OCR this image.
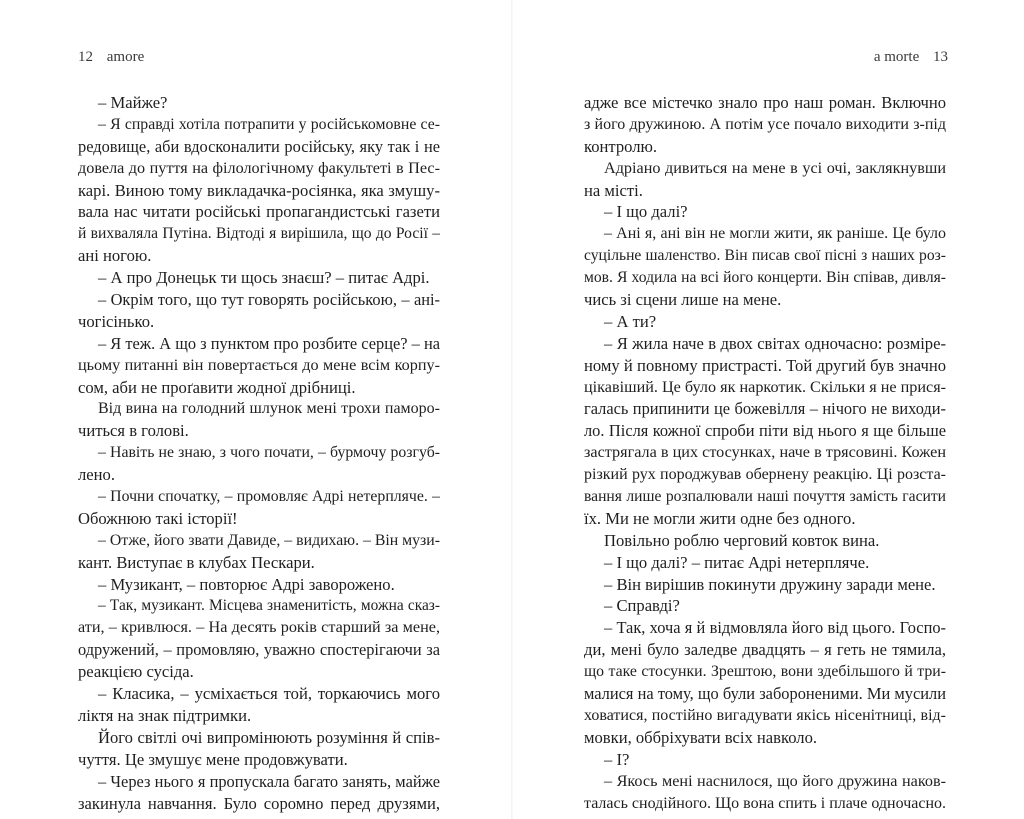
12 amore
– Майже?
– Я справді хотіла потрапити у російськомовне се-
редовище, аби вдосконалити російську, яку так і не
довела до пуття на філологічному факультеті в Пес-
карі. Виною тому викладачка-росіянка, яка змушу-
вала нас читати російські пропагандистські газети
й вихваляла Путіна. Відтоді я вирішила, що до Росії –
ані ногою.
– А про Донецьк ти щось знаєш? – питає Адрі.
– Окрім того, що тут говорять російською, – ані-
чогісінько.
– Я теж. А що з пунктом про розбите серце? – на
цьому питанні він повертається до мене всім корпу-
сом, аби не проґавити жодної дрібниці.
Від вина на голодний шлунок мені трохи паморо-
читься в голові.
– Навіть не знаю, з чого почати, – бурмочу розгуб-
лено.
– Почни спочатку, – промовляє Адрі нетерпляче. –
Обожнюю такі історії!
– Отже, його звати Давиде, – видихаю. – Він музи-
кант. Виступає в клубах Пескари.
– Музикант, – повторює Адрі заворожено.
– Так, музикант. Місцева знаменитість, можна сказ-
ати, – кривлюся. – На десять років старший за мене,
одружений, – промовляю, уважно спостерігаючи за
реакцією сусіда.
– Класика, – усміхається той, торкаючись мого
ліктя на знак підтримки.
Його світлі очі випромінюють розуміння й спів-
чуття. Це змушує мене продовжувати.
– Через нього я пропускала багато занять, майже
закинула навчання. Було соромно перед друзями,
a morte 13
адже все містечко знало про наш роман. Включно
з його дружиною. А потім усе почало виходити з-під
контролю.
Адріано дивиться на мене в усі очі, заклякнувши
на місті.
– І що далі?
– Ані я, ані він не могли жити, як раніше. Це було
суцільне шаленство. Він писав свої пісні з наших роз-
мов. Я ходила на всі його концерти. Він співав, дивля-
чись зі сцени лише на мене.
– А ти?
– Я жила наче в двох світах одночасно: розміре-
ному й повному пристрасті. Той другий був значно
цікавіший. Це було як наркотик. Скільки я не прися-
галась припинити це божевілля – нічого не виходи-
ло. Після кожної спроби піти від нього я ще більше
застрягала в цих стосунках, наче в трясовині. Кожен
різкий рух породжував обернену реакцію. Ці розста-
вання лише розпалювали наші почуття замість гасити
їх. Ми не могли жити одне без одного.
Повільно роблю черговий ковток вина.
– І що далі? – питає Адрі нетерпляче.
– Він вирішив покинути дружину заради мене.
– Справді?
– Так, хоча я й відмовляла його від цього. Госпо-
ди, мені було заледве двадцять – я геть не тямила,
що таке стосунки. Зрештою, вони здебільшого й три-
малися на тому, що були забороненими. Ми мусили
ховатися, постійно вигадувати якісь нісенітниці, від-
мовки, оббріхувати всіх навколо.
– І?
– Якось мені наснилося, що його дружина наков-
талась снодійного. Що вона спить і плаче одночасно.
